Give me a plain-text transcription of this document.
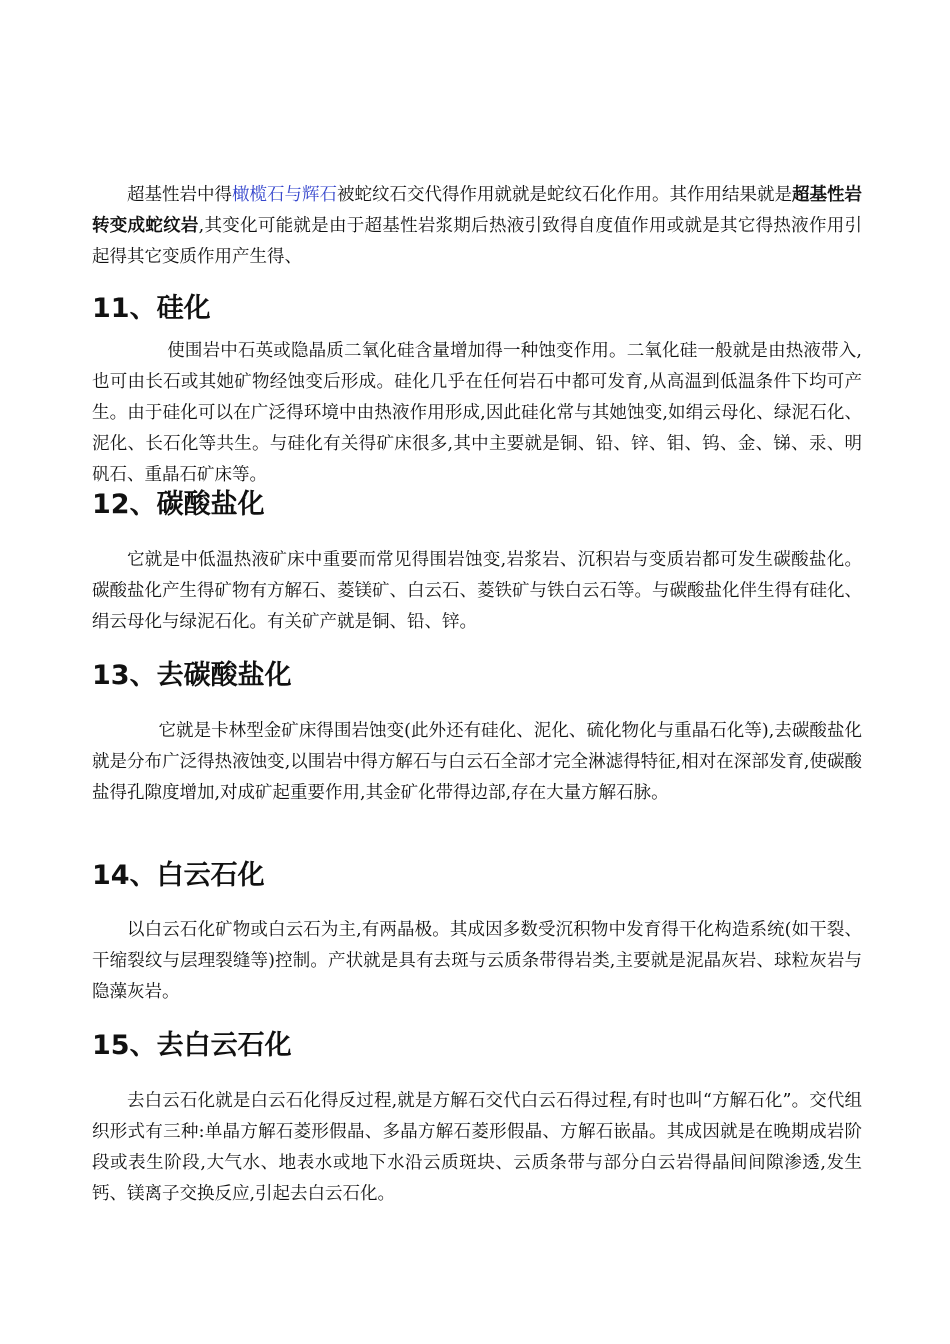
超基性岩中得橄榄石与辉石被蛇纹石交代得作用就就是蛇纹石化作用。其作用结果就是超基性岩转变成蛇纹岩,其变化可能就是由于超基性岩浆期后热液引致得自度值作用或就是其它得热液作用引起得其它变质作用产生得、

11、硅化

使围岩中石英或隐晶质二氧化硅含量增加得一种蚀变作用。二氧化硅一般就是由热液带入,也可由长石或其她矿物经蚀变后形成。硅化几乎在任何岩石中都可发育,从高温到低温条件下均可产生。由于硅化可以在广泛得环境中由热液作用形成,因此硅化常与其她蚀变,如绢云母化、绿泥石化、泥化、长石化等共生。与硅化有关得矿床很多,其中主要就是铜、铅、锌、钼、钨、金、锑、汞、明矾石、重晶石矿床等。

12、碳酸盐化

它就是中低温热液矿床中重要而常见得围岩蚀变,岩浆岩、沉积岩与变质岩都可发生碳酸盐化。碳酸盐化产生得矿物有方解石、菱镁矿、白云石、菱铁矿与铁白云石等。与碳酸盐化伴生得有硅化、绢云母化与绿泥石化。有关矿产就是铜、铅、锌。

13、去碳酸盐化

它就是卡林型金矿床得围岩蚀变(此外还有硅化、泥化、硫化物化与重晶石化等),去碳酸盐化就是分布广泛得热液蚀变,以围岩中得方解石与白云石全部才完全淋滤得特征,相对在深部发育,使碳酸盐得孔隙度增加,对成矿起重要作用,其金矿化带得边部,存在大量方解石脉。

14、白云石化

以白云石化矿物或白云石为主,有两晶极。其成因多数受沉积物中发育得干化构造系统(如干裂、干缩裂纹与层理裂缝等)控制。产状就是具有去斑与云质条带得岩类,主要就是泥晶灰岩、球粒灰岩与隐藻灰岩。

15、去白云石化

去白云石化就是白云石化得反过程,就是方解石交代白云石得过程,有时也叫“方解石化”。交代组织形式有三种:单晶方解石菱形假晶、多晶方解石菱形假晶、方解石嵌晶。其成因就是在晚期成岩阶段或表生阶段,大气水、地表水或地下水沿云质斑块、云质条带与部分白云岩得晶间间隙渗透,发生钙、镁离子交换反应,引起去白云石化。
